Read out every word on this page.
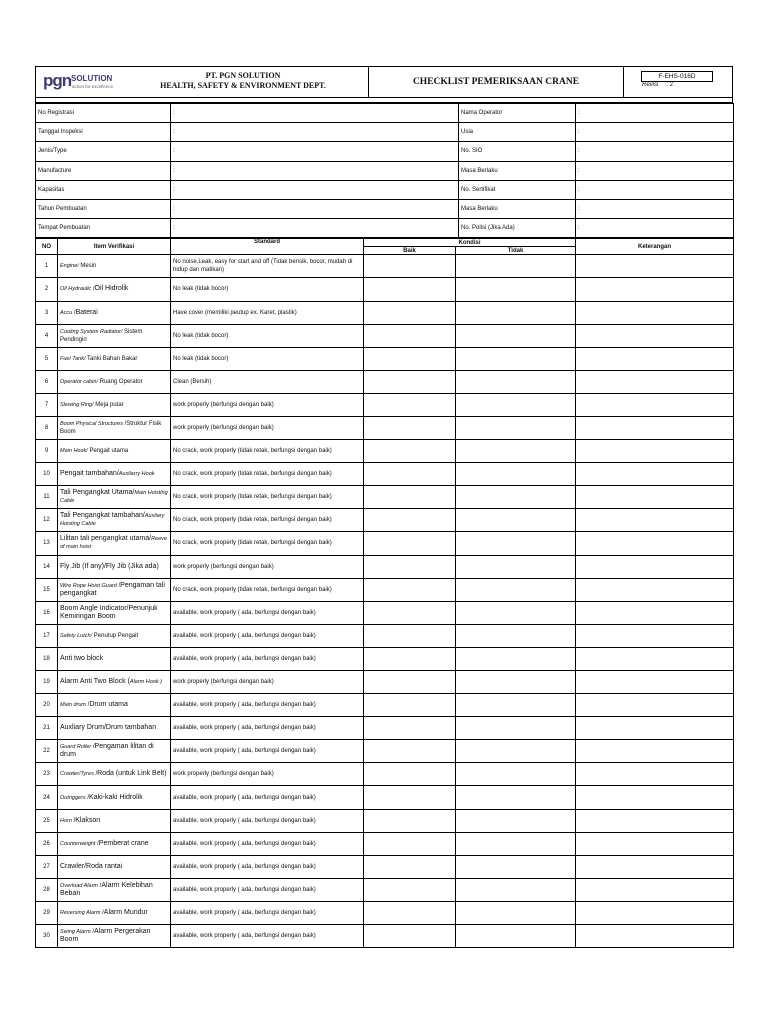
pgn SOLUTION
action for excellence
PT. PGN SOLUTION
HEALTH, SAFETY & ENVIRONMENT DEPT.	CHECKLIST PEMERIKSAAN CRANE
F-EHS-016D
Revisi : 2
No Registrasi	:	Nama Operator	:
Tanggal Inspeksi	:	Usia	:
Jenis/Type	:	No. SIO	:
Manufacture	:	Masa Berlaku	:
Kapasitas	:	No. Sertifikat	:
Tahun Pembuatan	:	Masa Berlaku	:
Tempat Pembuatan	:	No. Polisi (Jika Ada)	:
NO	Item Verifikasi	Standard	Kondisi		Keterangan
			Baik	Tidak	
1	Engine/ Mesin	No noise,Leak, easy for start and off (Tidak berisik, bocor, mudah di hidup dan matikan)			
2	Oil Hydraulic /Oil Hidrolik	No leak (tidak bocor)			
3	Accu /Baterai	Have cover (memiliki peutup ex. Karet, plastik)			
4	Cooling System Radiator/ Sistem Pendingin	No leak (tidak bocor)			
5	Fuel Tank/ Tanki Bahan Bakar	No leak (tidak bocor)			
6	Operator cabin/ Ruang Operator	Clean (Bersih)			
7	Slewing Ring/ Meja putar	work properly (berfungsi dengan baik)			
8	Boom Physical Structures /Struktur Fisik Boom	work properly (berfungsi dengan baik)			
9	Main Hook/ Pengait utama	No crack, work properly (tidak retak, berfungsi dengan baik)			
10	Pengait tambahan/Auxliarry Hook	No crack, work properly (tidak retak, berfungsi dengan baik)			
11	Tali Pengangkat Utama/Main Hoisting Cable	No crack, work properly (tidak retak, berfungsi dengan baik)			
12	Tali Pengangkat tambahan/Auxliary Hoisting Cable	No crack, work properly (tidak retak, berfungsi dengan baik)			
13	Lilitan tali pengangkat utama/Reeve of main hoist	No crack, work properly (tidak retak, berfungsi dengan baik)			
14	Fly Jib (If any)/Fly Jib (Jika ada)	work properly (berfungsi dengan baik)			
15	Wire Rope Hoist Guard /Pengaman tali pengangkat	No crack, work properly (tidak retak, berfungsi dengan baik)			
16	Boom Angle Indicator/Penunjuk Kemiringan Boom	available, work properly ( ada, berfungsi dengan baik)			
17	Safety Lutch/ Penutup Pengait	available, work properly ( ada, berfungsi dengan baik)			
18	Anti two block	available, work properly ( ada, berfungsi dengan baik)			
19	Alarm Anti Two Block (Alarm Hook )	work properly (berfungsi dengan baik)			
20	Main drum /Drum utama	available, work properly ( ada, berfungsi dengan baik)			
21	Auxliary Drum/Drum tambahan	available, work properly ( ada, berfungsi dengan baik)			
22	Guard Roller /Pengaman lilitan di drum	available, work properly ( ada, berfungsi dengan baik)			
23	Crawler/Tyres /Roda (untuk Link Belt)	work properly (berfungsi dengan baik)			
24	Outriggers /Kaki-kaki Hidrolik	available, work properly ( ada, berfungsi dengan baik)			
25	Horn /Klakson	available, work properly ( ada, berfungsi dengan baik)			
26	Counterweight /Pemberat crane	available, work properly ( ada, berfungsi dengan baik)			
27	Crawler/Roda rantai	available, work properly ( ada, berfungsi dengan baik)			
28	Overload Alarm /Alarm Kelebihan Beban	available, work properly ( ada, berfungsi dengan baik)			
29	Reversing Alarm /Alarm Mundur	available, work properly ( ada, berfungsi dengan baik)			
30	Swing Alarm /Alarm Pergerakan Boom	available, work properly ( ada, berfungsi dengan baik)			
